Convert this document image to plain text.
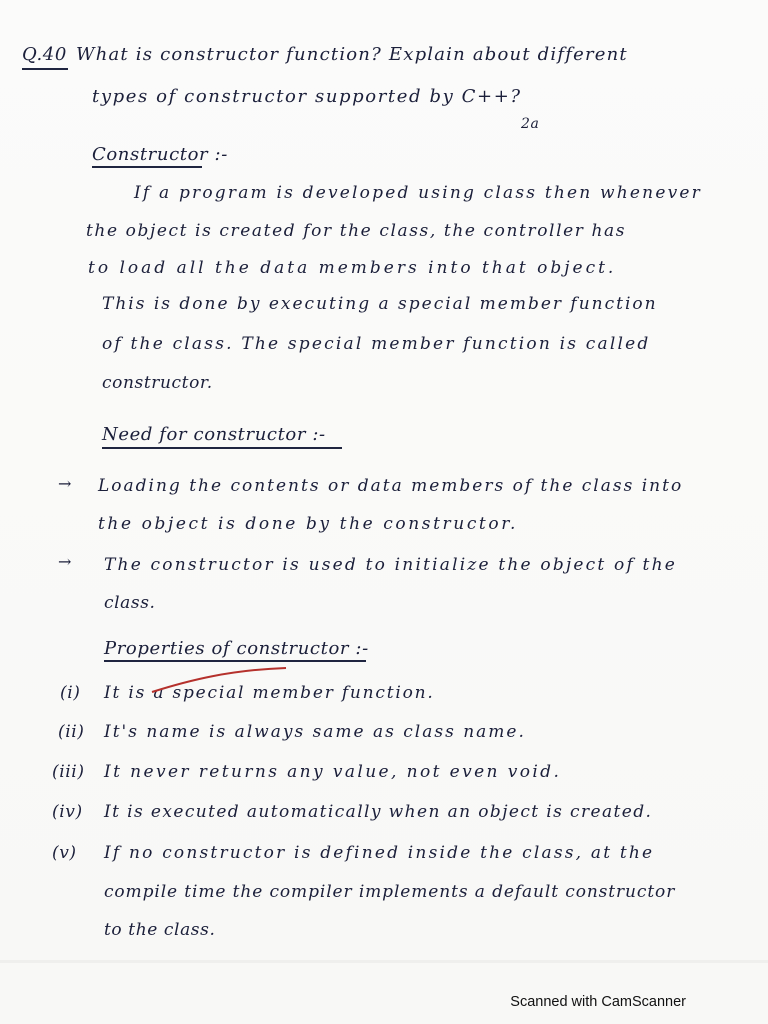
Q.40 What is constructor function? Explain about different
types of constructor supported by C++?
2a
Constructor :-
If a program is developed using class then whenever
the object is created for the class, the controller has
to load all the data members into that object.
This is done by executing a special member function
of the class. The special member function is called
constructor.
Need for constructor :-
→ Loading the contents or data members of the class into
the object is done by the constructor.
→ The constructor is used to initialize the object of the
class.
Properties of constructor :-
(i) It is a special member function.
(ii) It's name is always same as class name.
(iii) It never returns any value, not even void.
(iv) It is executed automatically when an object is created.
(v) If no constructor is defined inside the class, at the
compile time the compiler implements a default constructor
to the class.
Scanned with CamScanner
